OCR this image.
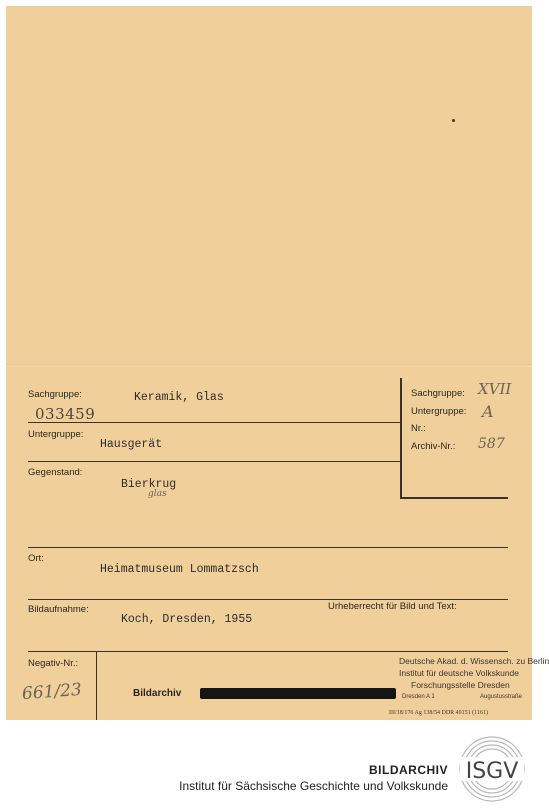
Sachgruppe:
Untergruppe:
Gegenstand:
Ort:
Bildaufnahme:	Urheberrecht für Bild und Text:
Negativ-Nr.:
Sachgruppe:
Untergruppe:
Nr.:
Archiv-Nr.:
XVII
A
587
Keramik, Glas
033459
Hausgerät
Bierkrug
glas
Heimatmuseum Lommatzsch
Koch, Dresden, 1955
661/23
Deutsche Akad. d. Wissensch. zu Berlin
Institut für deutsche Volkskunde
Forschungsstelle Dresden
Dresden A 1	Augustusstraße
Bildarchiv
III/18/176 Ag 138/54 DDR 49151 (1161)
BILDARCHIV
Institut für Sächsische Geschichte und Volkskunde
ISGV
